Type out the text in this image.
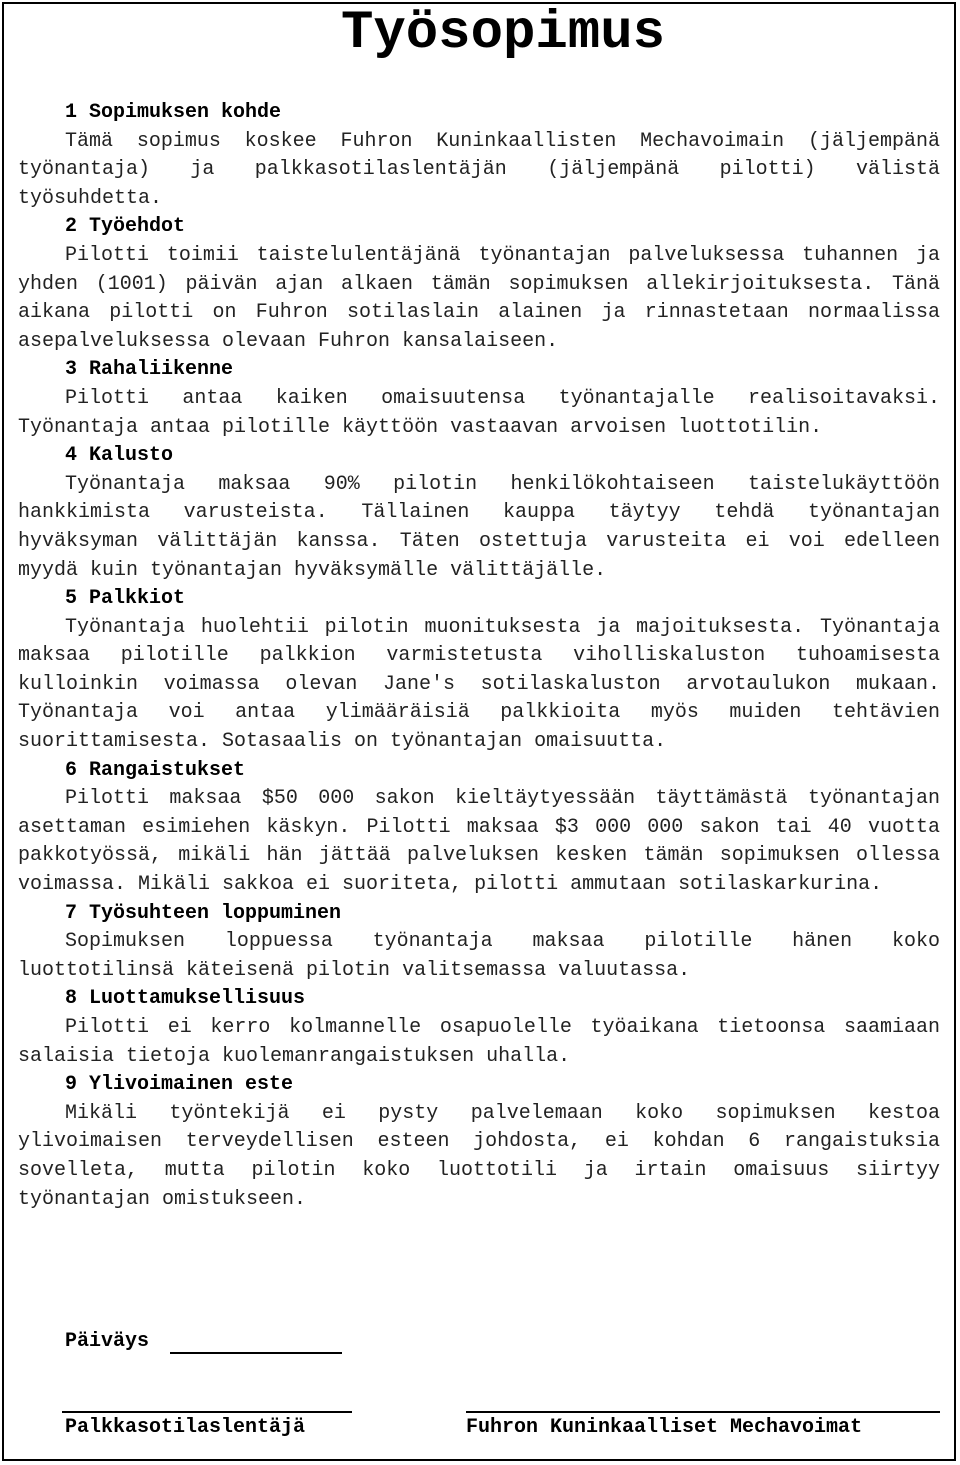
Työsopimus

1 Sopimuksen kohde

Tämä sopimus koskee Fuhron Kuninkaallisten Mechavoimain (jäljempänä työnantaja) ja palkkasotilaslentäjän (jäljempänä pilotti) välistä työsuhdetta.

2 Työehdot

Pilotti toimii taistelulentäjänä työnantajan palveluksessa tuhannen ja yhden (1001) päivän ajan alkaen tämän sopimuksen allekirjoituksesta. Tänä aikana pilotti on Fuhron sotilaslain alainen ja rinnastetaan normaalissa asepalveluksessa olevaan Fuhron kansalaiseen.

3 Rahaliikenne

Pilotti antaa kaiken omaisuutensa työnantajalle realisoitavaksi. Työnantaja antaa pilotille käyttöön vastaavan arvoisen luottotilin.

4 Kalusto

Työnantaja maksaa 90% pilotin henkilökohtaiseen taistelukäyttöön hankkimista varusteista. Tällainen kauppa täytyy tehdä työnantajan hyväksyman välittäjän kanssa. Täten ostettuja varusteita ei voi edelleen myydä kuin työnantajan hyväksymälle välittäjälle.

5 Palkkiot

Työnantaja huolehtii pilotin muonituksesta ja majoituksesta. Työnantaja maksaa pilotille palkkion varmistetusta viholliskaluston tuhoamisesta kulloinkin voimassa olevan Jane's sotilaskaluston arvotaulukon mukaan. Työnantaja voi antaa ylimääräisiä palkkioita myös muiden tehtävien suorittamisesta. Sotasaalis on työnantajan omaisuutta.

6 Rangaistukset

Pilotti maksaa $50 000 sakon kieltäytyessään täyttämästä työnantajan asettaman esimiehen käskyn. Pilotti maksaa $3 000 000 sakon tai 40 vuotta pakkotyössä, mikäli hän jättää palveluksen kesken tämän sopimuksen ollessa voimassa. Mikäli sakkoa ei suoriteta, pilotti ammutaan sotilaskarkurina.

7 Työsuhteen loppuminen

Sopimuksen loppuessa työnantaja maksaa pilotille hänen koko luottotilinsä käteisenä pilotin valitsemassa valuutassa.

8 Luottamuksellisuus

Pilotti ei kerro kolmannelle osapuolelle työaikana tietoonsa saamiaan salaisia tietoja kuolemanrangaistuksen uhalla.

9 Ylivoimainen este

Mikäli työntekijä ei pysty palvelemaan koko sopimuksen kestoa ylivoimaisen terveydellisen esteen johdosta, ei kohdan 6 rangaistuksia sovelleta, mutta pilotin koko luottotili ja irtain omaisuus siirtyy työnantajan omistukseen.

Päiväys
Palkkasotilaslentäjä	Fuhron Kuninkaalliset Mechavoimat
